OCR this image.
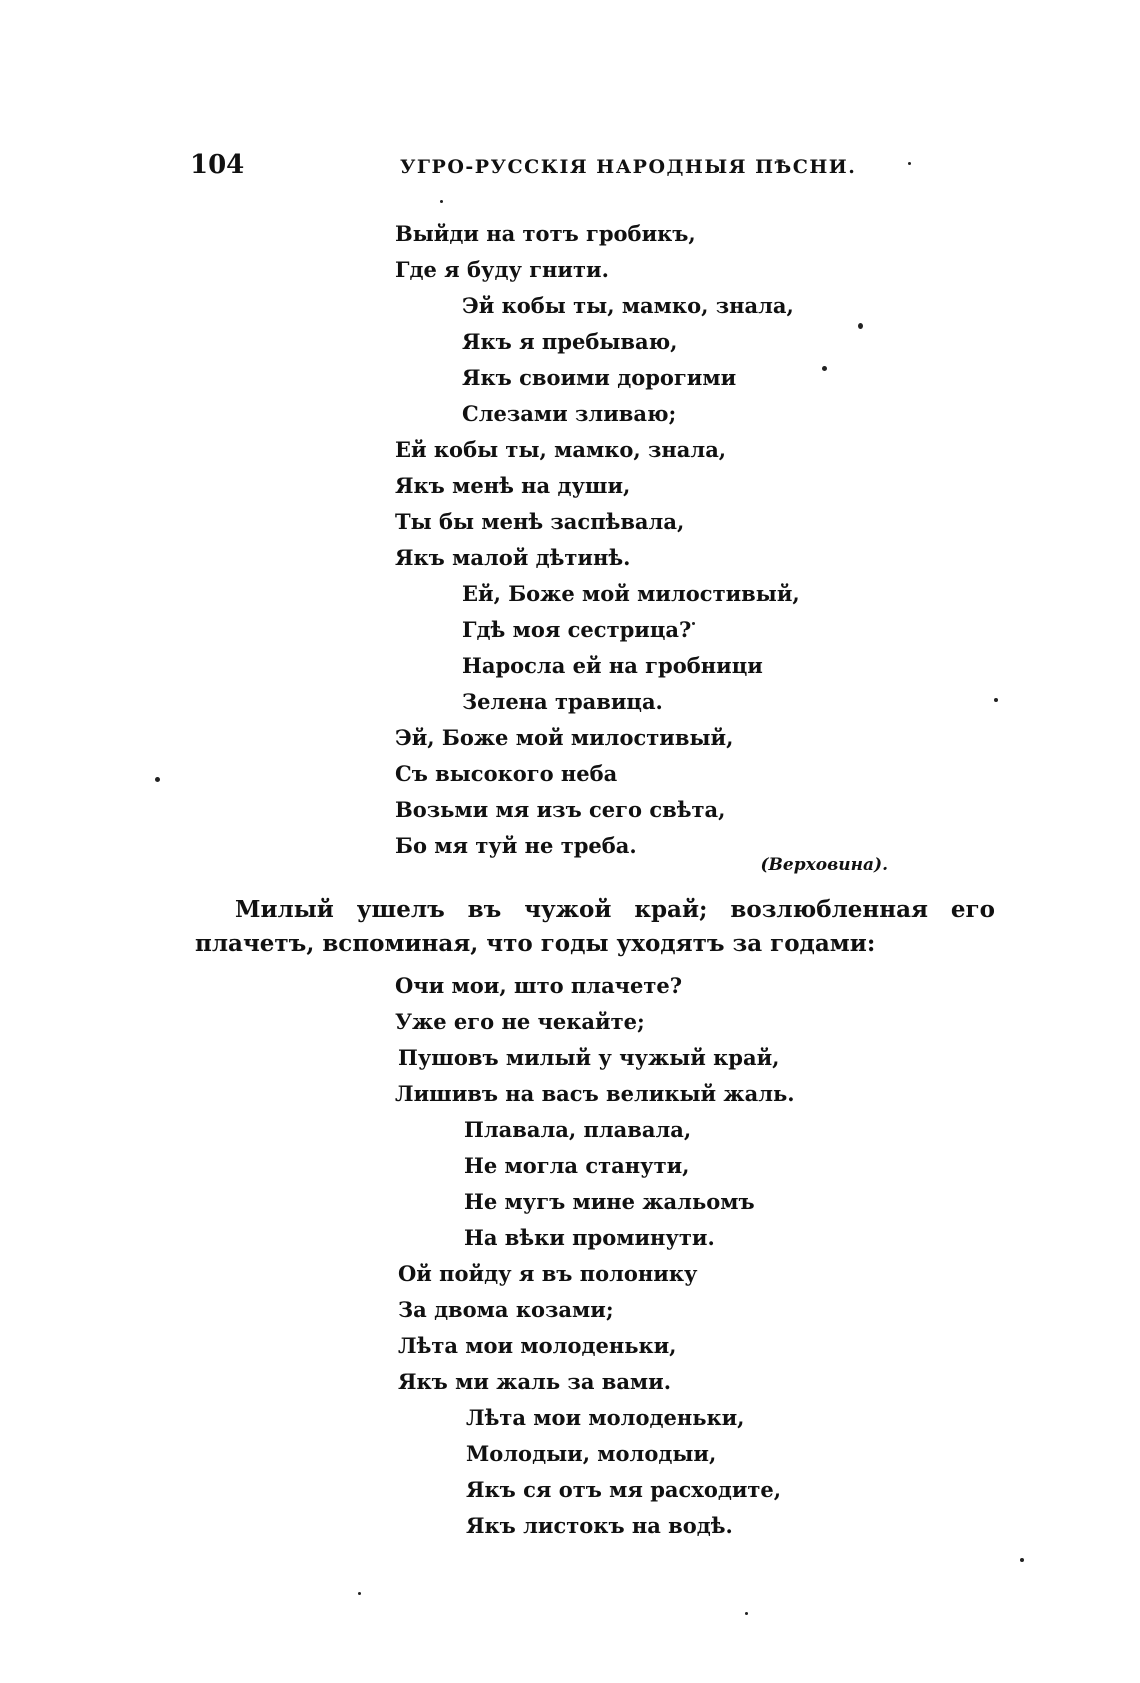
104	УГРО-РУССКІЯ НАРОДНЫЯ ПѢСНИ.
Выйди на тотъ гробикъ,
Где я буду гнити.
Эй кобы ты, мамко, знала,
Якъ я пребываю,
Якъ своими дорогими
Слезами зливаю;
Ей кобы ты, мамко, знала,
Якъ менѣ на души,
Ты бы менѣ заспѣвала,
Якъ малой дѣтинѣ.
Ей, Боже мой милостивый,
Гдѣ моя сестрица?
Наросла ей на гробници
Зелена травица.
Эй, Боже мой милостивый,
Съ высокого неба
Возьми мя изъ сего свѣта,
Бо мя туй не треба.
(Верховина).

Милый ушелъ въ чужой край; возлюбленная его плачетъ, вспоминая, что годы уходятъ за годами:

Очи мои, што плачете?
Уже его не чекайте;
Пушовъ милый у чужый край,
Лишивъ на васъ великый жаль.
Плавала, плавала,
Не могла станути,
Не мугъ мине жальомъ
На вѣки проминути.
Ой пойду я въ полонику
За двома козами;
Лѣта мои молоденьки,
Якъ ми жаль за вами.
Лѣта мои молоденьки,
Молодыи, молодыи,
Якъ ся отъ мя расходите,
Якъ листокъ на водѣ.
